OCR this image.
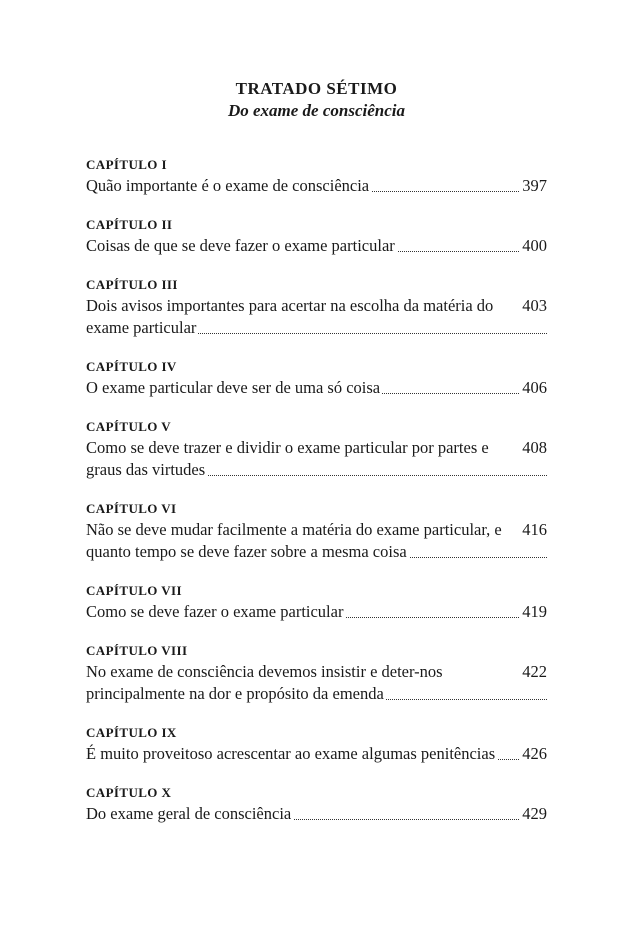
TRATADO SÉTIMO
Do exame de consciência
CAPÍTULO I
397
Quão importante é o exame de consciência
CAPÍTULO II
400
Coisas de que se deve fazer o exame particular
CAPÍTULO III
403
Dois avisos importantes para acertar na escolha da matéria do exame particular
CAPÍTULO IV
406
O exame particular deve ser de uma só coisa
CAPÍTULO V
408
Como se deve trazer e dividir o exame particular por partes e graus das virtudes
CAPÍTULO VI
416
Não se deve mudar facilmente a matéria do exame particular, e quanto tempo se deve fazer sobre a mesma coisa
CAPÍTULO VII
419
Como se deve fazer o exame particular
CAPÍTULO VIII
422
No exame de consciência devemos insistir e deter-nos principalmente na dor e propósito da emenda
CAPÍTULO IX
426
É muito proveitoso acrescentar ao exame algumas penitências
CAPÍTULO X
429
Do exame geral de consciência
